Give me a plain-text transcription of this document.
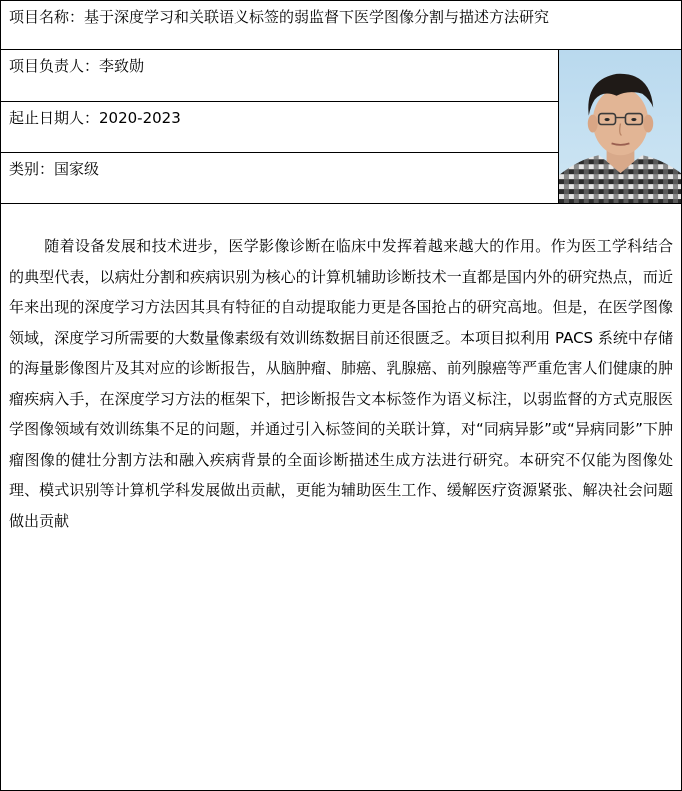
项目名称：基于深度学习和关联语义标签的弱监督下医学图像分割与描述方法研究
项目负责人：李致勋
起止日期人：2020-2023
类别：国家级

随着设备发展和技术进步，医学影像诊断在临床中发挥着越来越大的作用。作为医工学科结合的典型代表，以病灶分割和疾病识别为核心的计算机辅助诊断技术一直都是国内外的研究热点，而近年来出现的深度学习方法因其具有特征的自动提取能力更是各国抢占的研究高地。但是，在医学图像领域，深度学习所需要的大数量像素级有效训练数据目前还很匮乏。本项目拟利用 PACS 系统中存储的海量影像图片及其对应的诊断报告，从脑肿瘤、肺癌、乳腺癌、前列腺癌等严重危害人们健康的肿瘤疾病入手，在深度学习方法的框架下，把诊断报告文本标签作为语义标注，以弱监督的方式克服医学图像领域有效训练集不足的问题，并通过引入标签间的关联计算，对“同病异影”或“异病同影”下肿瘤图像的健壮分割方法和融入疾病背景的全面诊断描述生成方法进行研究。本研究不仅能为图像处理、模式识别等计算机学科发展做出贡献，更能为辅助医生工作、缓解医疗资源紧张、解决社会问题做出贡献
